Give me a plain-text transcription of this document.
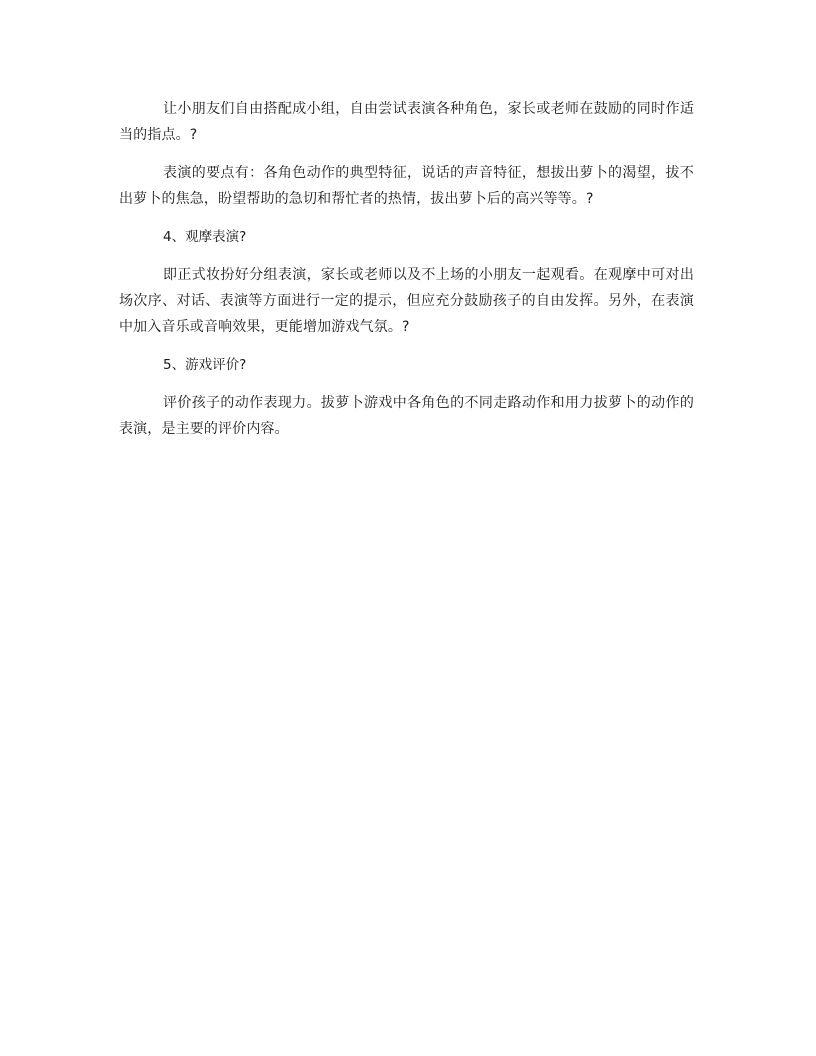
让小朋友们自由搭配成小组，自由尝试表演各种角色，家长或老师在鼓励的同时作适当的指点。?

表演的要点有：各角色动作的典型特征，说话的声音特征，想拔出萝卜的渴望，拔不出萝卜的焦急，盼望帮助的急切和帮忙者的热情，拔出萝卜后的高兴等等。?

4、观摩表演?

即正式妆扮好分组表演，家长或老师以及不上场的小朋友一起观看。在观摩中可对出场次序、对话、表演等方面进行一定的提示，但应充分鼓励孩子的自由发挥。另外，在表演中加入音乐或音响效果，更能增加游戏气氛。?

5、游戏评价?

评价孩子的动作表现力。拔萝卜游戏中各角色的不同走路动作和用力拔萝卜的动作的表演，是主要的评价内容。
